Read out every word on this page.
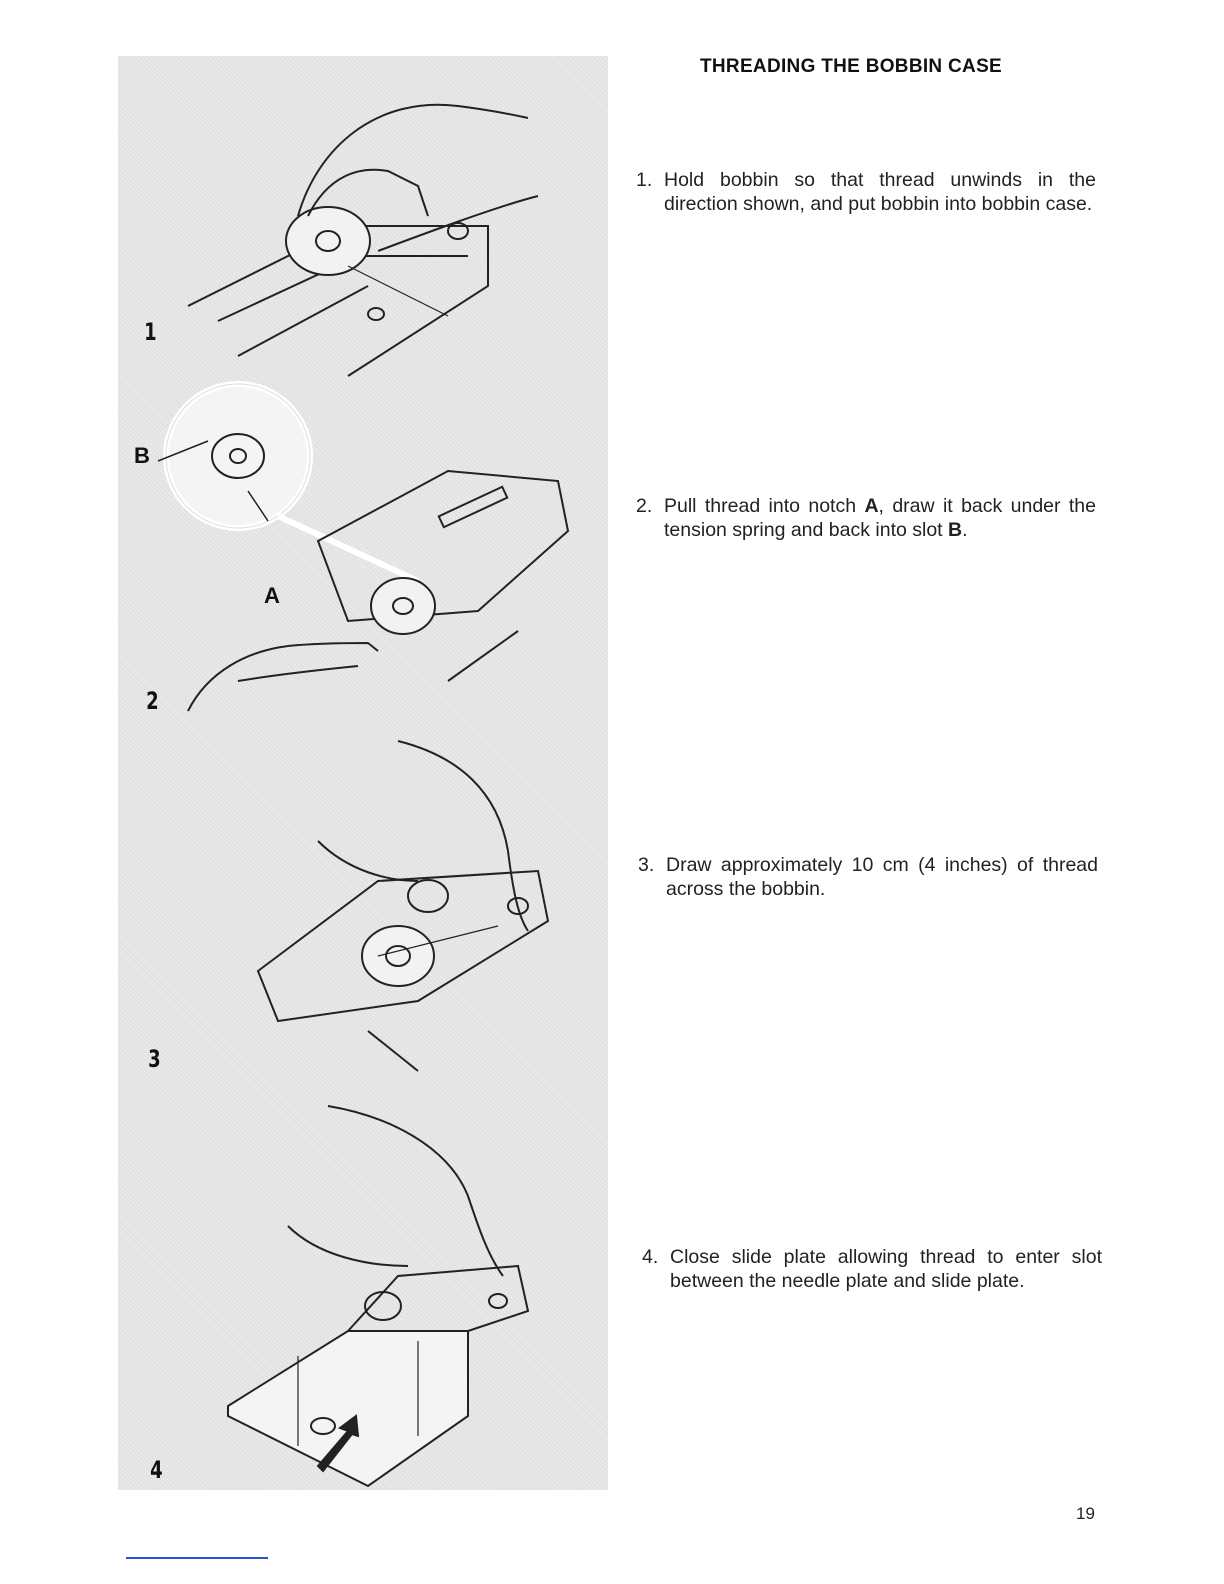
1
B
A
2
3
4
THREADING THE BOBBIN CASE
1. Hold bobbin so that thread unwinds in the direction shown, and put bobbin into bobbin case.
2. Pull thread into notch A, draw it back under the tension spring and back into slot B.
3. Draw approximately 10 cm (4 inches) of thread across the bobbin.
4. Close slide plate allowing thread to enter slot between the needle plate and slide plate.
19
